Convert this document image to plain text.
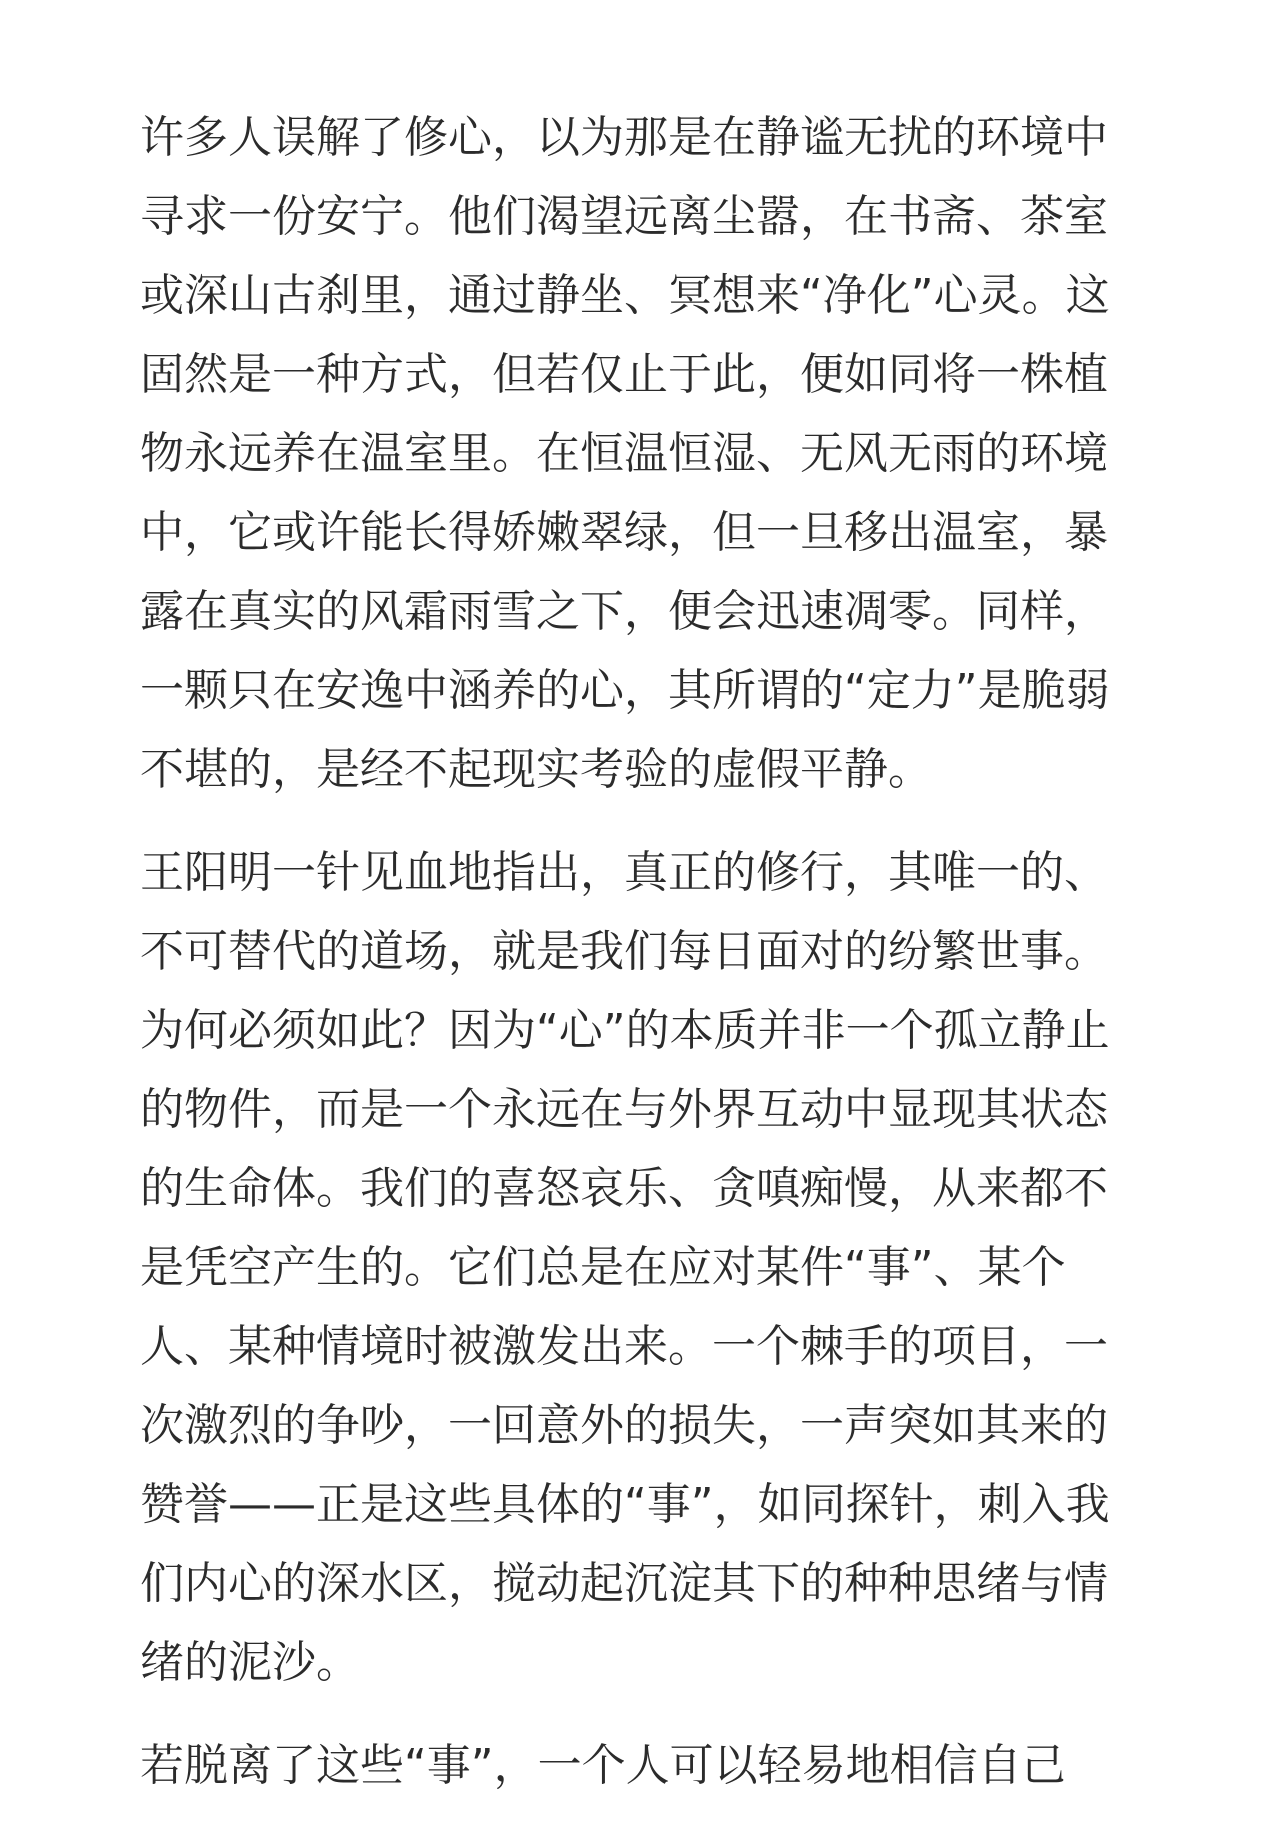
许多人误解了修心，以为那是在静谧无扰的环境中寻求一份安宁。他们渴望远离尘嚣，在书斋、茶室或深山古刹里，通过静坐、冥想来“净化”心灵。这固然是一种方式，但若仅止于此，便如同将一株植物永远养在温室里。在恒温恒湿、无风无雨的环境中，它或许能长得娇嫩翠绿，但一旦移出温室，暴露在真实的风霜雨雪之下，便会迅速凋零。同样，一颗只在安逸中涵养的心，其所谓的“定力”是脆弱不堪的，是经不起现实考验的虚假平静。

王阳明一针见血地指出，真正的修行，其唯一的、不可替代的道场，就是我们每日面对的纷繁世事。为何必须如此？因为“心”的本质并非一个孤立静止的物件，而是一个永远在与外界互动中显现其状态的生命体。我们的喜怒哀乐、贪嗔痴慢，从来都不是凭空产生的。它们总是在应对某件“事”、某个人、某种情境时被激发出来。一个棘手的项目，一次激烈的争吵，一回意外的损失，一声突如其来的赞誉——正是这些具体的“事”，如同探针，刺入我们内心的深水区，搅动起沉淀其下的种种思绪与情绪的泥沙。

若脱离了这些“事”，一个人可以轻易地相信自己
